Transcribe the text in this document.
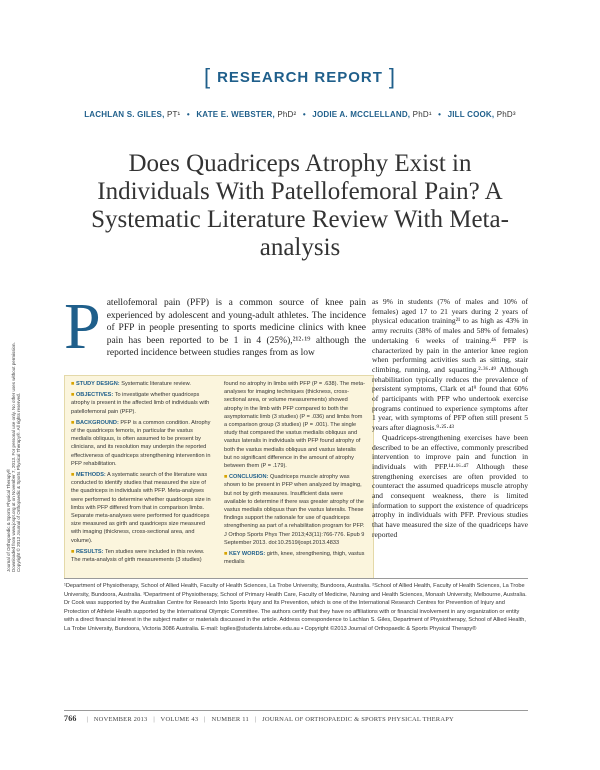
Journal of Orthopaedic & Sports Physical Therapy® Downloaded from www.jospt.org at on November 7, 2013. For personal use only. No other uses without permission. Copyright © 2013 Journal of Orthopaedic & Sports Physical Therapy®. All rights reserved.
[ RESEARCH REPORT ]
LACHLAN S. GILES, PT¹ • KATE E. WEBSTER, PhD² • JODIE A. MCCLELLAND, PhD¹ • JILL COOK, PhD³
Does Quadriceps Atrophy Exist in Individuals With Patellofemoral Pain? A Systematic Literature Review With Meta-analysis
Patellofemoral pain (PFP) is a common source of knee pain experienced by adolescent and young-adult athletes. The incidence of PFP in people presenting to sports medicine clinics with knee pain has been reported to be 1 in 4 (25%),²¹²·¹⁹ although the reported incidence between studies ranges from as low

■ STUDY DESIGN: Systematic literature review.

■ OBJECTIVES: To investigate whether quadriceps atrophy is present in the affected limb of individuals with patellofemoral pain (PFP).

■ BACKGROUND: PFP is a common condition. Atrophy of the quadriceps femoris, in particular the vastus medialis obliquus, is often assumed to be present by clinicians, and its resolution may underpin the reported effectiveness of quadriceps strengthening intervention in PFP rehabilitation.

■ METHODS: A systematic search of the literature was conducted to identify studies that measured the size of the quadriceps in individuals with PFP. Meta-analyses were performed to determine whether quadriceps size in limbs with PFP differed from that in comparison limbs. Separate meta-analyses were performed for quadriceps size measured as girth and quadriceps size measured with imaging (thickness, cross-sectional area, and volume).

■ RESULTS: Ten studies were included in this review. The meta-analysis of girth measurements (3 studies) found no atrophy in limbs with PFP (P = .638). The meta-analyses for imaging techniques (thickness, cross-sectional area, or volume measurements) showed atrophy in the limb with PFP compared to both the asymptomatic limb (3 studies) (P = .036) and limbs from a comparison group (3 studies) (P = .001). The single study that compared the vastus medialis obliquus and vastus lateralis in individuals with PFP found atrophy of both the vastus medialis obliquus and vastus lateralis but no significant difference in the amount of atrophy between them (P = .179).

■ CONCLUSION: Quadriceps muscle atrophy was shown to be present in PFP when analyzed by imaging, but not by girth measures. Insufficient data were available to determine if there was greater atrophy of the vastus medialis obliquus than the vastus lateralis. These findings support the rationale for use of quadriceps strengthening as part of a rehabilitation program for PFP. J Orthop Sports Phys Ther 2013;43(11):766-776. Epub 9 September 2013. doi:10.2519/jospt.2013.4833

■ KEY WORDS: girth, knee, strengthening, thigh, vastus medialis

as 9% in students (7% of males and 10% of females) aged 17 to 21 years during 2 years of physical education training²¹ to as high as 43% in army recruits (38% of males and 58% of females) undertaking 6 weeks of training.⁴⁶ PFP is characterized by pain in the anterior knee region when performing activities such as sitting, stair climbing, running, and squatting.²·³⁶·⁴⁹ Although rehabilitation typically reduces the prevalence of persistent symptoms, Clark et al⁹ found that 60% of participants with PFP who undertook exercise programs continued to experience symptoms after 1 year, with symptoms of PFP often still present 5 years after diagnosis.⁹·²⁵·⁴³

Quadriceps-strengthening exercises have been described to be an effective, commonly prescribed intervention to improve pain and function in individuals with PFP.¹⁴·¹⁶·⁴⁷ Although these strengthening exercises are often provided to counteract the assumed quadriceps muscle atrophy and consequent weakness, there is limited information to support the existence of quadriceps atrophy in individuals with PFP. Previous studies that have measured the size of the quadriceps have reported

¹Department of Physiotherapy, School of Allied Health, Faculty of Health Sciences, La Trobe University, Bundoora, Australia. ²School of Allied Health, Faculty of Health Sciences, La Trobe University, Bundoora, Australia. ³Department of Physiotherapy, School of Primary Health Care, Faculty of Medicine, Nursing and Health Sciences, Monash University, Melbourne, Australia. Dr Cook was supported by the Australian Centre for Research Into Sports Injury and Its Prevention, which is one of the International Research Centres for Prevention of Injury and Protection of Athlete Health supported by the International Olympic Committee. The authors certify that they have no affiliations with or financial involvement in any organization or entity with a direct financial interest in the subject matter or materials discussed in the article. Address correspondence to Lachlan S. Giles, Department of Physiotherapy, School of Allied Health, La Trobe University, Bundoora, Victoria 3086 Australia. E-mail: lsgiles@students.latrobe.edu.au • Copyright ©2013 Journal of Orthopaedic & Sports Physical Therapy®
766 | NOVEMBER 2013 | VOLUME 43 | NUMBER 11 | JOURNAL OF ORTHOPAEDIC & SPORTS PHYSICAL THERAPY
